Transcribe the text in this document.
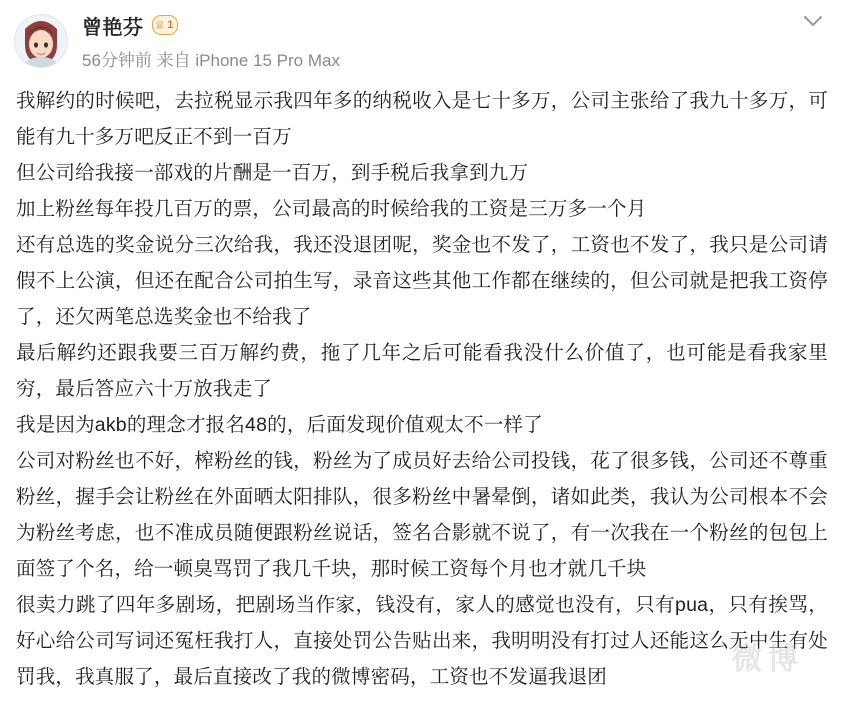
曾艳芬 ♕ 1
56分钟前 来自 iPhone 15 Pro Max

我解约的时候吧，去拉税显示我四年多的纳税收入是七十多万，公司主张给了我九十多万，可能有九十多万吧反正不到一百万

但公司给我接一部戏的片酬是一百万，到手税后我拿到九万

加上粉丝每年投几百万的票，公司最高的时候给我的工资是三万多一个月

还有总选的奖金说分三次给我，我还没退团呢，奖金也不发了，工资也不发了，我只是公司请假不上公演，但还在配合公司拍生写，录音这些其他工作都在继续的，但公司就是把我工资停了，还欠两笔总选奖金也不给我了

最后解约还跟我要三百万解约费，拖了几年之后可能看我没什么价值了，也可能是看我家里穷，最后答应六十万放我走了

我是因为akb的理念才报名48的，后面发现价值观太不一样了

公司对粉丝也不好，榨粉丝的钱，粉丝为了成员好去给公司投钱，花了很多钱，公司还不尊重粉丝，握手会让粉丝在外面晒太阳排队，很多粉丝中暑晕倒，诸如此类，我认为公司根本不会为粉丝考虑，也不准成员随便跟粉丝说话，签名合影就不说了，有一次我在一个粉丝的包包上面签了个名，给一顿臭骂罚了我几千块，那时候工资每个月也才就几千块

很卖力跳了四年多剧场，把剧场当作家，钱没有，家人的感觉也没有，只有pua，只有挨骂，好心给公司写词还冤枉我打人，直接处罚公告贴出来，我明明没有打过人还能这么无中生有处罚我，我真服了，最后直接改了我的微博密码，工资也不发逼我退团

微博
